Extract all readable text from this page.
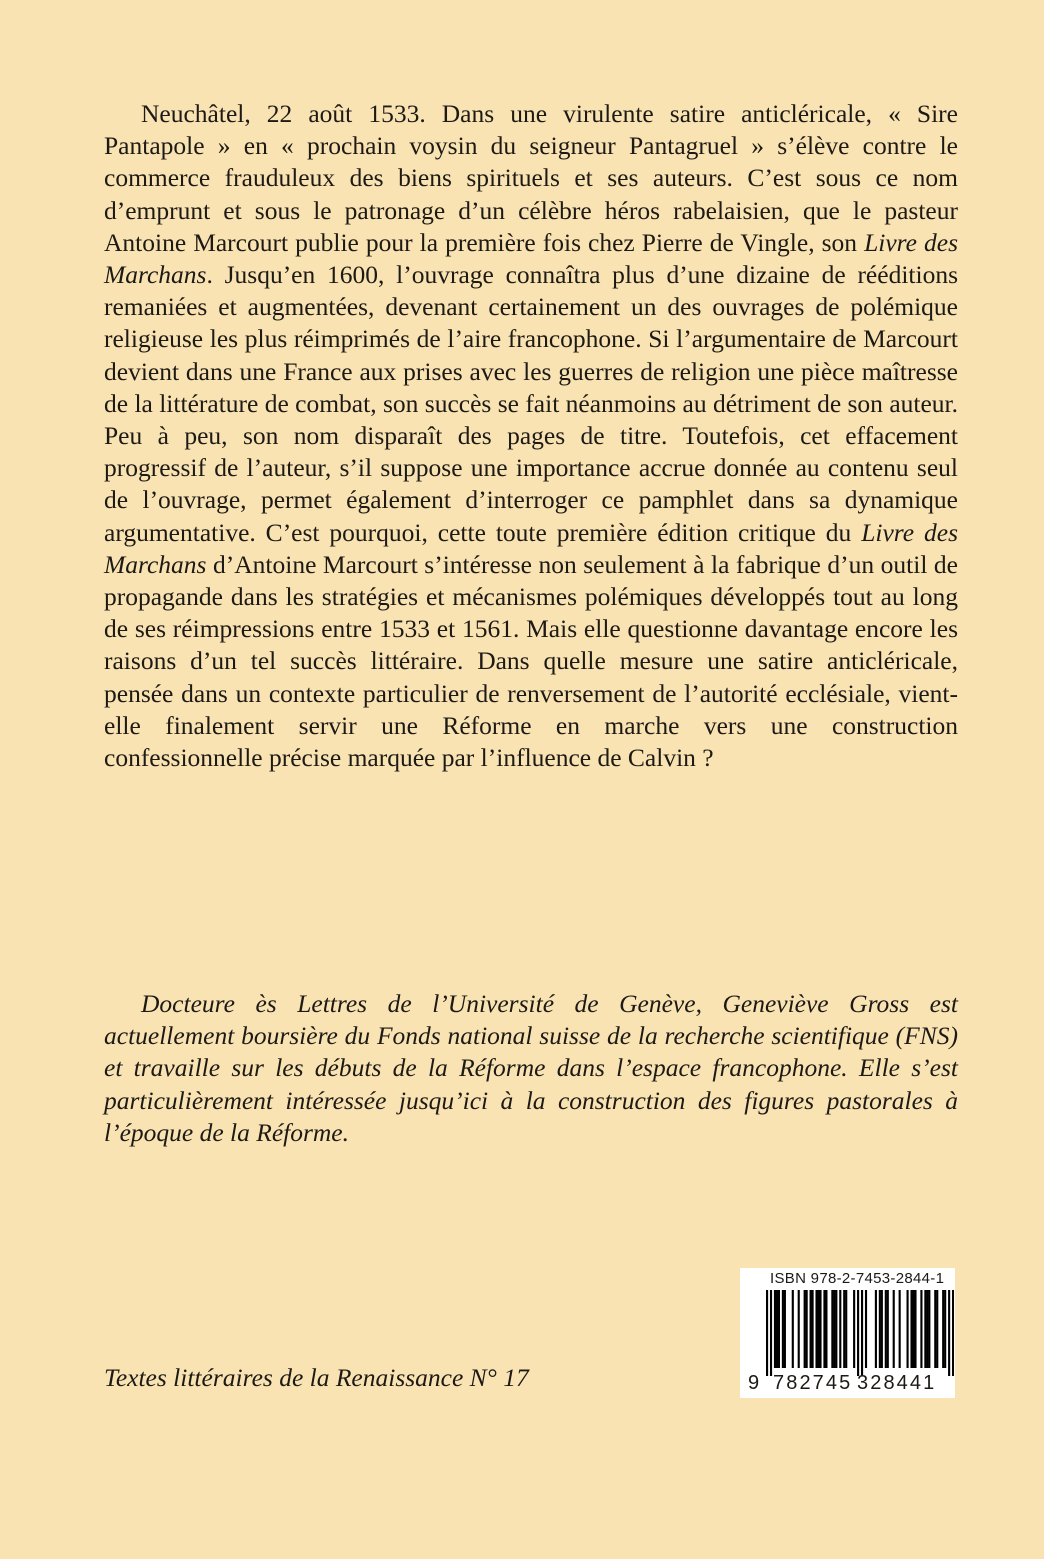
Neuchâtel, 22 août 1533. Dans une virulente satire anticléricale, « Sire Pantapole » en « prochain voysin du seigneur Pantagruel » s’élève contre le commerce frauduleux des biens spirituels et ses auteurs. C’est sous ce nom d’emprunt et sous le patronage d’un célèbre héros rabelaisien, que le pasteur Antoine Marcourt publie pour la première fois chez Pierre de Vingle, son Livre des Marchans. Jusqu’en 1600, l’ouvrage connaîtra plus d’une dizaine de rééditions remaniées et augmentées, devenant certainement un des ouvrages de polémique religieuse les plus réimprimés de l’aire francophone. Si l’argumentaire de Marcourt devient dans une France aux prises avec les guerres de religion une pièce maîtresse de la littérature de combat, son succès se fait néanmoins au détriment de son auteur. Peu à peu, son nom disparaît des pages de titre. Toutefois, cet effacement progressif de l’auteur, s’il suppose une importance accrue donnée au contenu seul de l’ouvrage, permet également d’interroger ce pamphlet dans sa dynamique argumentative. C’est pourquoi, cette toute première édition critique du Livre des Marchans d’Antoine Marcourt s’intéresse non seulement à la fabrique d’un outil de propagande dans les stratégies et mécanismes polémiques développés tout au long de ses réimpressions entre 1533 et 1561. Mais elle questionne davantage encore les raisons d’un tel succès littéraire. Dans quelle mesure une satire anticléricale, pensée dans un contexte particulier de renversement de l’autorité ecclésiale, vient-elle finalement servir une Réforme en marche vers une construction confessionnelle précise marquée par l’influence de Calvin ?

Docteure ès Lettres de l’Université de Genève, Geneviève Gross est actuellement boursière du Fonds national suisse de la recherche scientifique (FNS) et travaille sur les débuts de la Réforme dans l’espace francophone. Elle s’est particulièrement intéressée jusqu’ici à la construction des figures pastorales à l’époque de la Réforme.

Textes littéraires de la Renaissance N° 17
ISBN 978-2-7453-2844-1
9 782745 328441
